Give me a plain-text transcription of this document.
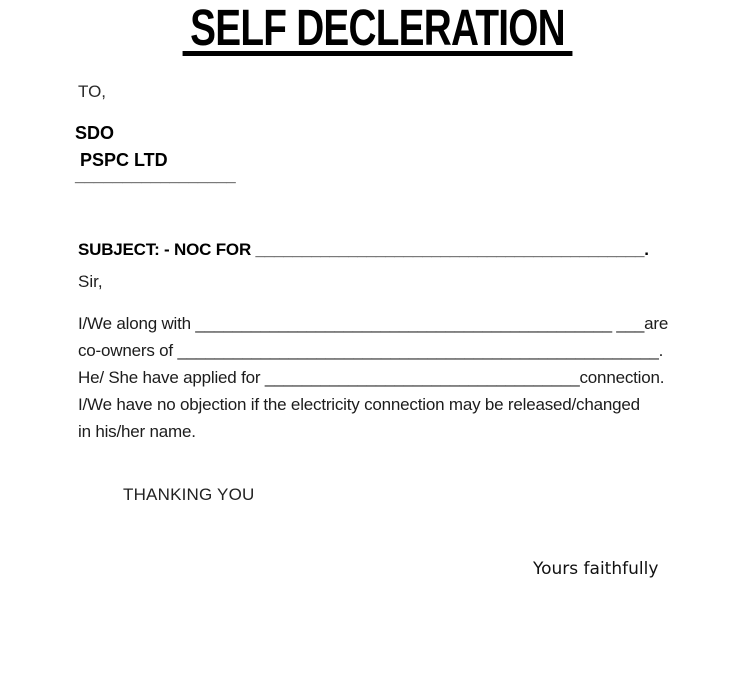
SELF DECLERATION

TO,

SDO
PSPC LTD

_________________

SUBJECT: - NOC FOR __________________________________________.

Sir,

I/We along with _____________________________________________ ___are
co-owners of ____________________________________________________.
He/ She have applied for __________________________________connection.
I/We have no objection if the electricity connection may be released/changed
in his/her name.

THANKING YOU

Yours faithfully
